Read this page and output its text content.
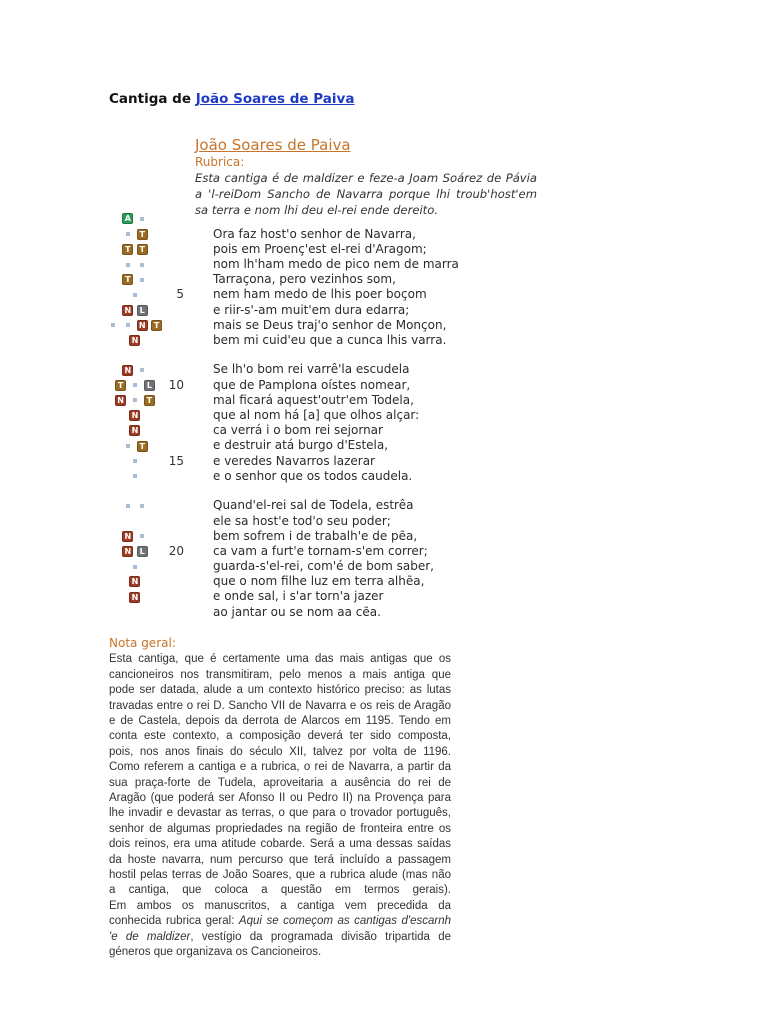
Cantiga de João Soares de Paiva
João Soares de Paiva
Rubrica:
Esta cantiga é de maldizer e feze-a Joam Soárez de Pávia
a 'l-reiDom Sancho de Navarra porque lhi troub'host'em
sa terra e nom lhi deu el-rei ende dereito.
A
T	Ora faz host'o senhor de Navarra,
T	T	pois em Proenç'est el-rei d'Aragom;
nom lh'ham medo de pico nem de marra
T	Tarraçona, pero vezinhos som,
5 nem ham medo de lhis poer boçom
N	L	e riir-s'-am muit'em dura edarra;
N	T	mais se Deus traj'o senhor de Monçon,
N	bem mi cuid'eu que a cunca lhis varra.
N	Se lh'o bom rei varrê'la escudela
T	L	10 que de Pamplona oístes nomear,
N	T	mal ficará aquest'outr'em Todela,
N	que al nom há [a] que olhos alçar:
N	ca verrá i o bom rei sejornar
T	e destruir atá burgo d'Estela,
15 e veredes Navarros lazerar
e o senhor que os todos caudela.
Quand'el-rei sal de Todela, estrêa
ele sa host'e tod'o seu poder;
N	bem sofrem i de trabalh'e de pẽa,
N	L	20 ca vam a furt'e tornam-s'em correr;
guarda-s'el-rei, com'é de bom saber,
N	que o nom filhe luz em terra alhẽa,
N	e onde sal, i s'ar torn'a jazer
ao jantar ou se nom aa cẽa.
Nota geral:
Esta cantiga, que é certamente uma das mais antigas que os
cancioneiros nos transmitiram, pelo menos a mais antiga que
pode ser datada, alude a um contexto histórico preciso: as lutas
travadas entre o rei D. Sancho VII de Navarra e os reis de Aragão
e de Castela, depois da derrota de Alarcos em 1195. Tendo em
conta este contexto, a composição deverá ter sido composta,
pois, nos anos finais do século XII, talvez por volta de 1196.
Como referem a cantiga e a rubrica, o rei de Navarra, a partir da
sua praça-forte de Tudela, aproveitaria a ausência do rei de
Aragão (que poderá ser Afonso II ou Pedro II) na Provença para
lhe invadir e devastar as terras, o que para o trovador português,
senhor de algumas propriedades na região de fronteira entre os
dois reinos, era uma atitude cobarde. Será a uma dessas saídas
da hoste navarra, num percurso que terá incluído a passagem
hostil pelas terras de João Soares, que a rubrica alude (mas não
a cantiga, que coloca a questão em termos gerais).
Em ambos os manuscritos, a cantiga vem precedida da
conhecida rubrica geral: Aqui se começom as cantigas d'escarnh
'e de maldizer, vestígio da programada divisão tripartida de
géneros que organizava os Cancioneiros.
